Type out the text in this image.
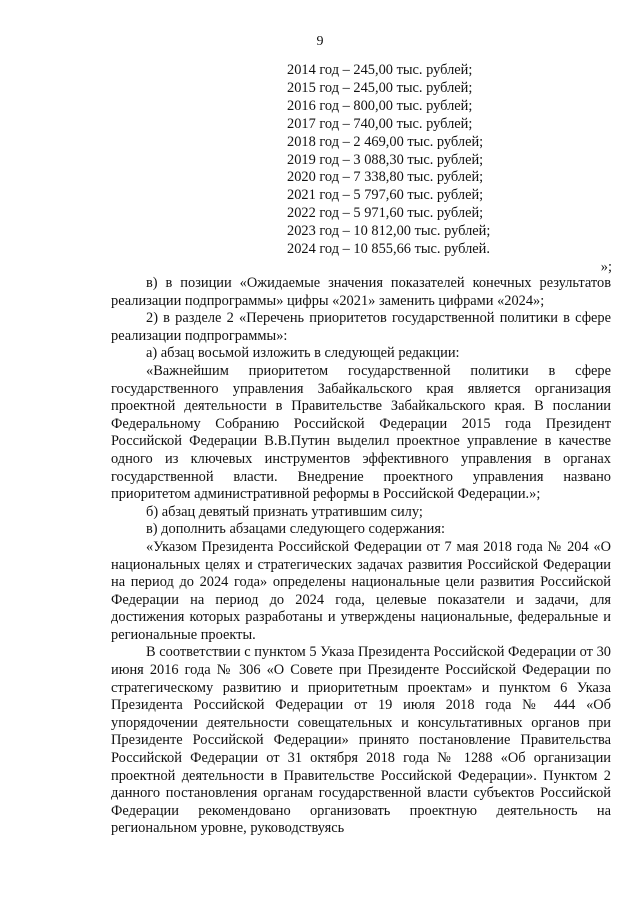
9
2014 год – 245,00 тыс. рублей;
2015 год – 245,00 тыс. рублей;
2016 год – 800,00 тыс. рублей;
2017 год – 740,00 тыс. рублей;
2018 год – 2 469,00 тыс. рублей;
2019 год – 3 088,30 тыс. рублей;
2020 год – 7 338,80 тыс. рублей;
2021 год – 5 797,60 тыс. рублей;
2022 год – 5 971,60 тыс. рублей;
2023 год – 10 812,00 тыс. рублей;
2024 год – 10 855,66 тыс. рублей.
»;

в) в позиции «Ожидаемые значения показателей конечных результатов реализации подпрограммы» цифры «2021» заменить цифрами «2024»;

2) в разделе 2 «Перечень приоритетов государственной политики в сфере реализации подпрограммы»:

а) абзац восьмой изложить в следующей редакции:

«Важнейшим приоритетом государственной политики в сфере государственного управления Забайкальского края является организация проектной деятельности в Правительстве Забайкальского края. В послании Федеральному Собранию Российской Федерации 2015 года Президент Российской Федерации В.В.Путин выделил проектное управление в качестве одного из ключевых инструментов эффективного управления в органах государственной власти. Внедрение проектного управления названо приоритетом административной реформы в Российской Федерации.»;

б) абзац девятый признать утратившим силу;

в) дополнить абзацами следующего содержания:

«Указом Президента Российской Федерации от 7 мая 2018 года № 204 «О национальных целях и стратегических задачах развития Российской Федерации на период до 2024 года» определены национальные цели развития Российской Федерации на период до 2024 года, целевые показатели и задачи, для достижения которых разработаны и утверждены национальные, федеральные и региональные проекты.

В соответствии с пунктом 5 Указа Президента Российской Федерации от 30 июня 2016 года № 306 «О Совете при Президенте Российской Федерации по стратегическому развитию и приоритетным проектам» и пунктом 6 Указа Президента Российской Федерации от 19 июля 2018 года № 444 «Об упорядочении деятельности совещательных и консультативных органов при Президенте Российской Федерации» принято постановление Правительства Российской Федерации от 31 октября 2018 года № 1288 «Об организации проектной деятельности в Правительстве Российской Федерации». Пунктом 2 данного постановления органам государственной власти субъектов Российской Федерации рекомендовано организовать проектную деятельность на региональном уровне, руководствуясь
